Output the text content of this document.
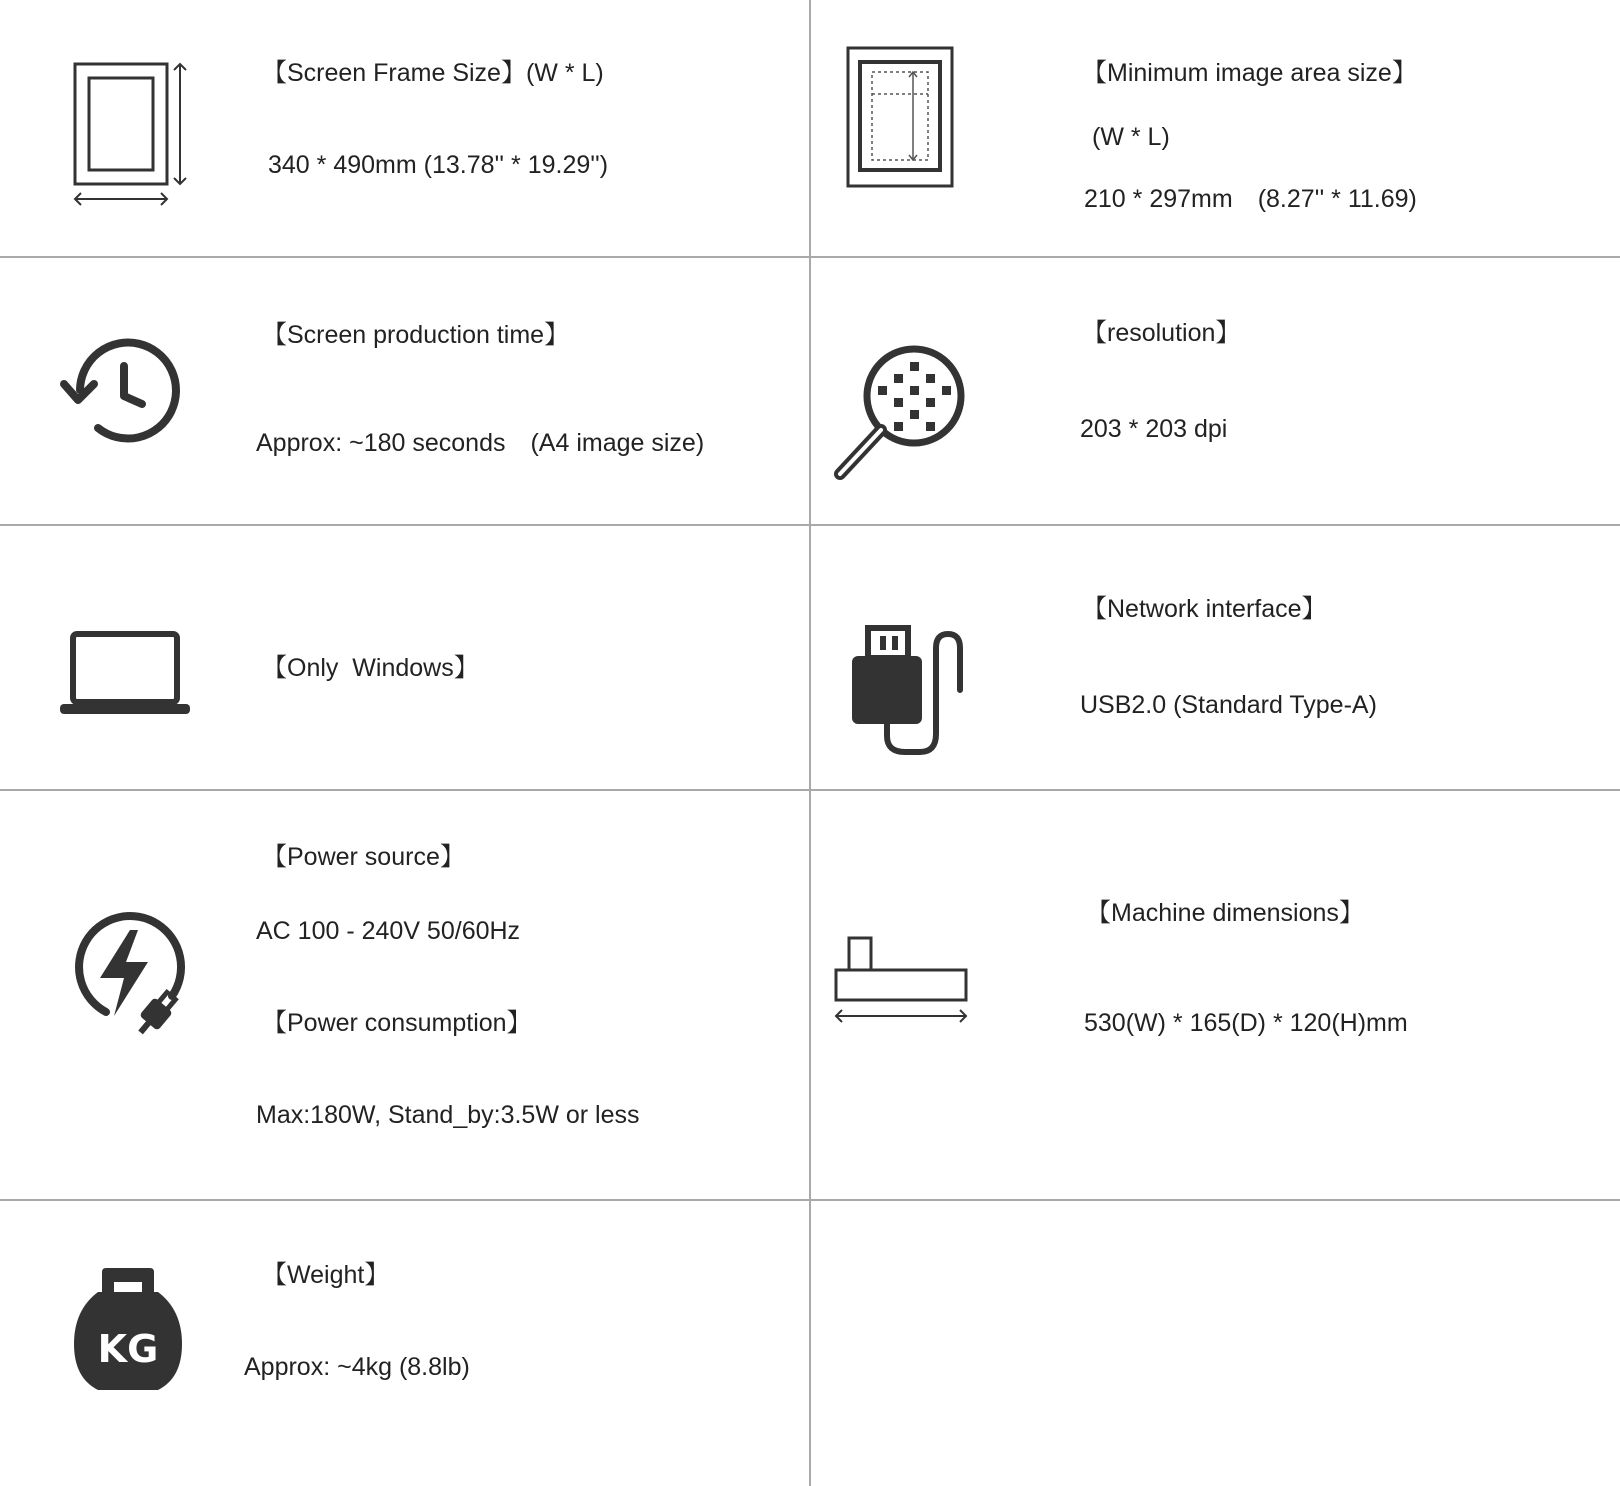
【Screen Frame Size】(W * L)
340 * 490mm (13.78'' * 19.29'')
【Minimum image area size】
(W * L)
210 * 297mm　(8.27'' * 11.69)
【Screen production time】
Approx: ~180 seconds　(A4 image size)
【resolution】
203 * 203 dpi
【Only  Windows】
【Network interface】
USB2.0 (Standard Type-A)
【Power source】
AC 100 - 240V 50/60Hz
【Power consumption】
Max:180W, Stand_by:3.5W or less
【Machine dimensions】
530(W) * 165(D) * 120(H)mm
KG
【Weight】
Approx: ~4kg (8.8lb)
